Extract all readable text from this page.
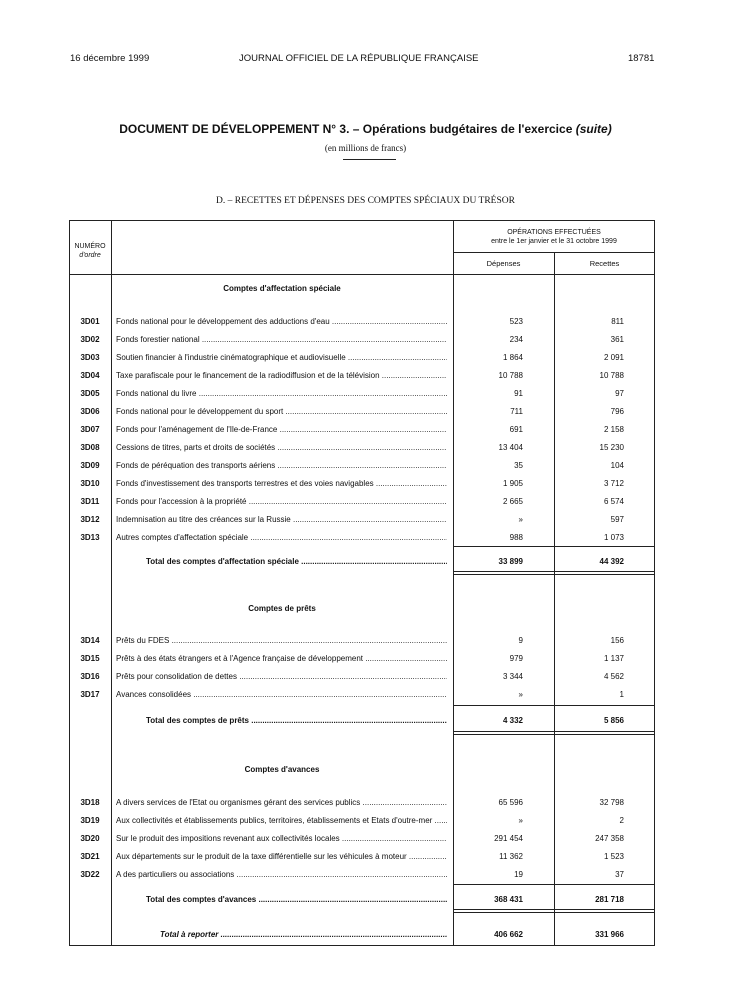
16 décembre 1999	JOURNAL OFFICIEL DE LA RÉPUBLIQUE FRANÇAISE	18781
DOCUMENT DE DÉVELOPPEMENT N° 3. – Opérations budgétaires de l'exercice (suite)
(en millions de francs)
D. – RECETTES ET DÉPENSES DES COMPTES SPÉCIAUX DU TRÉSOR
NUMÉRO
d'ordre
OPÉRATIONS EFFECTUÉES
entre le 1er janvier et le 31 octobre 1999
Dépenses	Recettes
Comptes d'affectation spéciale
3D01	Fonds national pour le développement des adductions d'eau .....	523	811
3D02	Fonds forestier national .....	234	361
3D03	Soutien financier à l'industrie cinématographique et audiovisuelle .....	1 864	2 091
3D04	Taxe parafiscale pour le financement de la radiodiffusion et de la télévision .....	10 788	10 788
3D05	Fonds national du livre .....	91	97
3D06	Fonds national pour le développement du sport .....	711	796
3D07	Fonds pour l'aménagement de l'Ile-de-France .....	691	2 158
3D08	Cessions de titres, parts et droits de sociétés .....	13 404	15 230
3D09	Fonds de péréquation des transports aériens .....	35	104
3D10	Fonds d'investissement des transports terrestres et des voies navigables .....	1 905	3 712
3D11	Fonds pour l'accession à la propriété .....	2 665	6 574
3D12	Indemnisation au titre des créances sur la Russie .....	»	597
3D13	Autres comptes d'affectation spéciale .....	988	1 073
Total des comptes d'affectation spéciale .....	33 899	44 392
Comptes de prêts
3D14	Prêts du FDES .....	9	156
3D15	Prêts à des états étrangers et à l'Agence française de développement .....	979	1 137
3D16	Prêts pour consolidation de dettes .....	3 344	4 562
3D17	Avances consolidées .....	»	1
Total des comptes de prêts .....	4 332	5 856
Comptes d'avances
3D18	A divers services de l'Etat ou organismes gérant des services publics .....	65 596	32 798
3D19	Aux collectivités et établissements publics, territoires, établissements et Etats d'outre-mer .....	»	2
3D20	Sur le produit des impositions revenant aux collectivités locales .....	291 454	247 358
3D21	Aux départements sur le produit de la taxe différentielle sur les véhicules à moteur .....	11 362	1 523
3D22	A des particuliers ou associations .....	19	37
Total des comptes d'avances .....	368 431	281 718
Total à reporter .....	406 662	331 966
